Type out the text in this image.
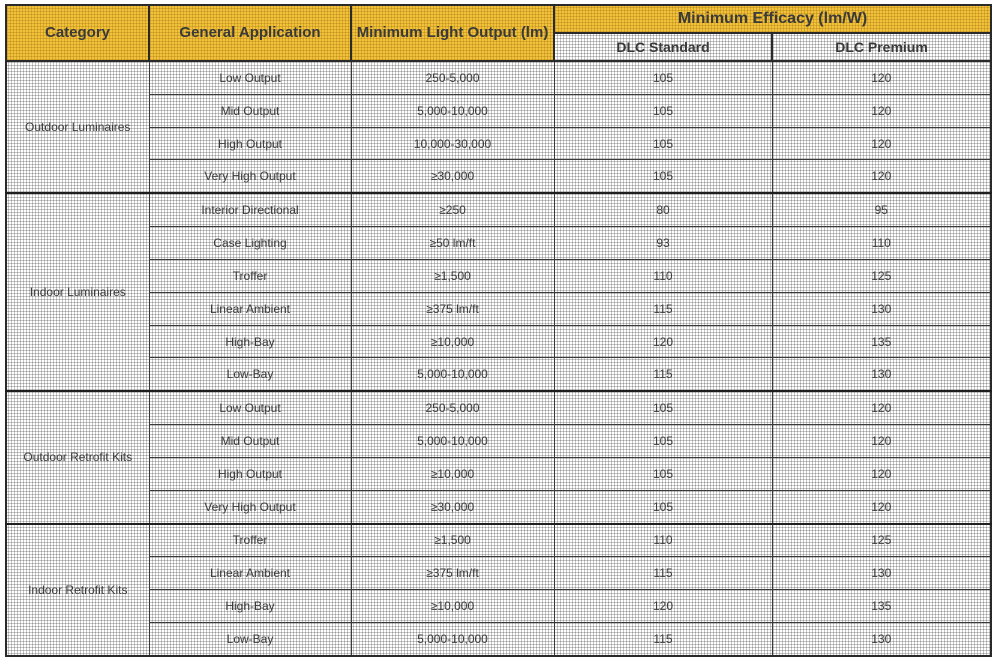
Category	General Application	Minimum Light Output (lm)	Minimum Efficacy (lm/W)	
			DLC Standard	DLC Premium
Outdoor Luminaires	Low Output	250-5,000	105	120
	Mid Output	5,000-10,000	105	120
	High Output	10,000-30,000	105	120
	Very High Output	≥30,000	105	120
Indoor Luminaires	Interior Directional	≥250	80	95
	Case Lighting	≥50 lm/ft	93	110
	Troffer	≥1,500	110	125
	Linear Ambient	≥375 lm/ft	115	130
	High-Bay	≥10,000	120	135
	Low-Bay	5,000-10,000	115	130
Outdoor Retrofit Kits	Low Output	250-5,000	105	120
	Mid Output	5,000-10,000	105	120
	High Output	≥10,000	105	120
	Very High Output	≥30,000	105	120
Indoor Retrofit Kits	Troffer	≥1,500	110	125
	Linear Ambient	≥375 lm/ft	115	130
	High-Bay	≥10,000	120	135
	Low-Bay	5,000-10,000	115	130
